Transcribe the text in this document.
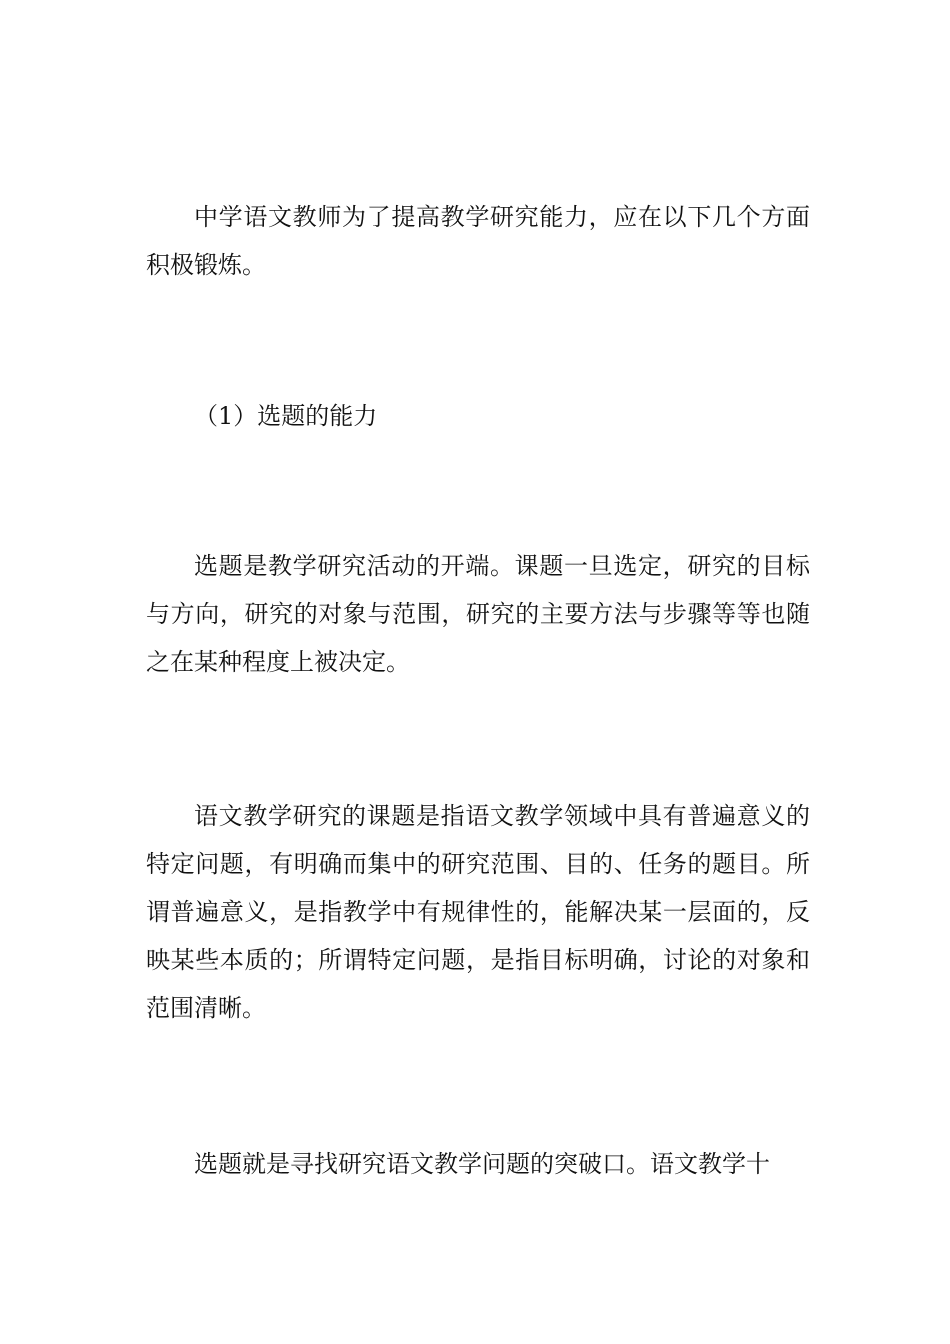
中学语文教师为了提高教学研究能力，应在以下几个方面积极锻炼。

（1）选题的能力

选题是教学研究活动的开端。课题一旦选定，研究的目标与方向，研究的对象与范围，研究的主要方法与步骤等等也随之在某种程度上被决定。

语文教学研究的课题是指语文教学领域中具有普遍意义的特定问题，有明确而集中的研究范围、目的、任务的题目。所谓普遍意义，是指教学中有规律性的，能解决某一层面的，反映某些本质的；所谓特定问题，是指目标明确，讨论的对象和范围清晰。

选题就是寻找研究语文教学问题的突破口。语文教学十
